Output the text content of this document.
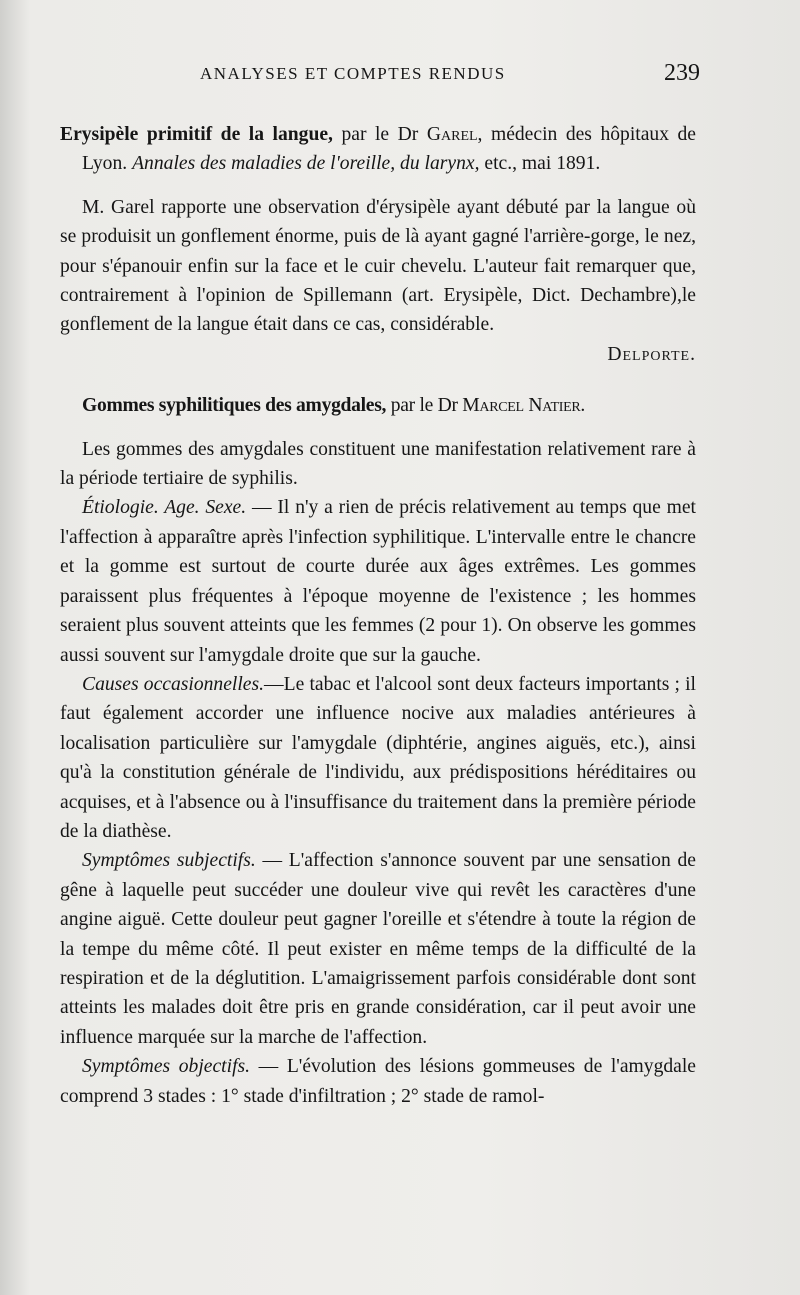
ANALYSES ET COMPTES RENDUS	239

Erysipèle primitif de la langue, par le Dr Garel, médecin des hôpitaux de Lyon. Annales des maladies de l'oreille, du larynx, etc., mai 1891.

M. Garel rapporte une observation d'érysipèle ayant débuté par la langue où se produisit un gonflement énorme, puis de là ayant gagné l'arrière-gorge, le nez, pour s'épanouir enfin sur la face et le cuir chevelu. L'auteur fait remarquer que, contrairement à l'opinion de Spillemann (art. Erysipèle, Dict. Dechambre),le gonflement de la langue était dans ce cas, considérable.

Delporte.

Gommes syphilitiques des amygdales, par le Dr Marcel Natier.

Les gommes des amygdales constituent une manifestation relativement rare à la période tertiaire de syphilis.

Étiologie. Age. Sexe. — Il n'y a rien de précis relativement au temps que met l'affection à apparaître après l'infection syphilitique. L'intervalle entre le chancre et la gomme est surtout de courte durée aux âges extrêmes. Les gommes paraissent plus fréquentes à l'époque moyenne de l'existence ; les hommes seraient plus souvent atteints que les femmes (2 pour 1). On observe les gommes aussi souvent sur l'amygdale droite que sur la gauche.

Causes occasionnelles.—Le tabac et l'alcool sont deux facteurs importants ; il faut également accorder une influence nocive aux maladies antérieures à localisation particulière sur l'amygdale (diphtérie, angines aiguës, etc.), ainsi qu'à la constitution générale de l'individu, aux prédispositions héréditaires ou acquises, et à l'absence ou à l'insuffisance du traitement dans la première période de la diathèse.

Symptômes subjectifs. — L'affection s'annonce souvent par une sensation de gêne à laquelle peut succéder une douleur vive qui revêt les caractères d'une angine aiguë. Cette douleur peut gagner l'oreille et s'étendre à toute la région de la tempe du même côté. Il peut exister en même temps de la difficulté de la respiration et de la déglutition. L'amaigrissement parfois considérable dont sont atteints les malades doit être pris en grande considération, car il peut avoir une influence marquée sur la marche de l'affection.

Symptômes objectifs. — L'évolution des lésions gommeuses de l'amygdale comprend 3 stades : 1° stade d'infiltration ; 2° stade de ramol-
